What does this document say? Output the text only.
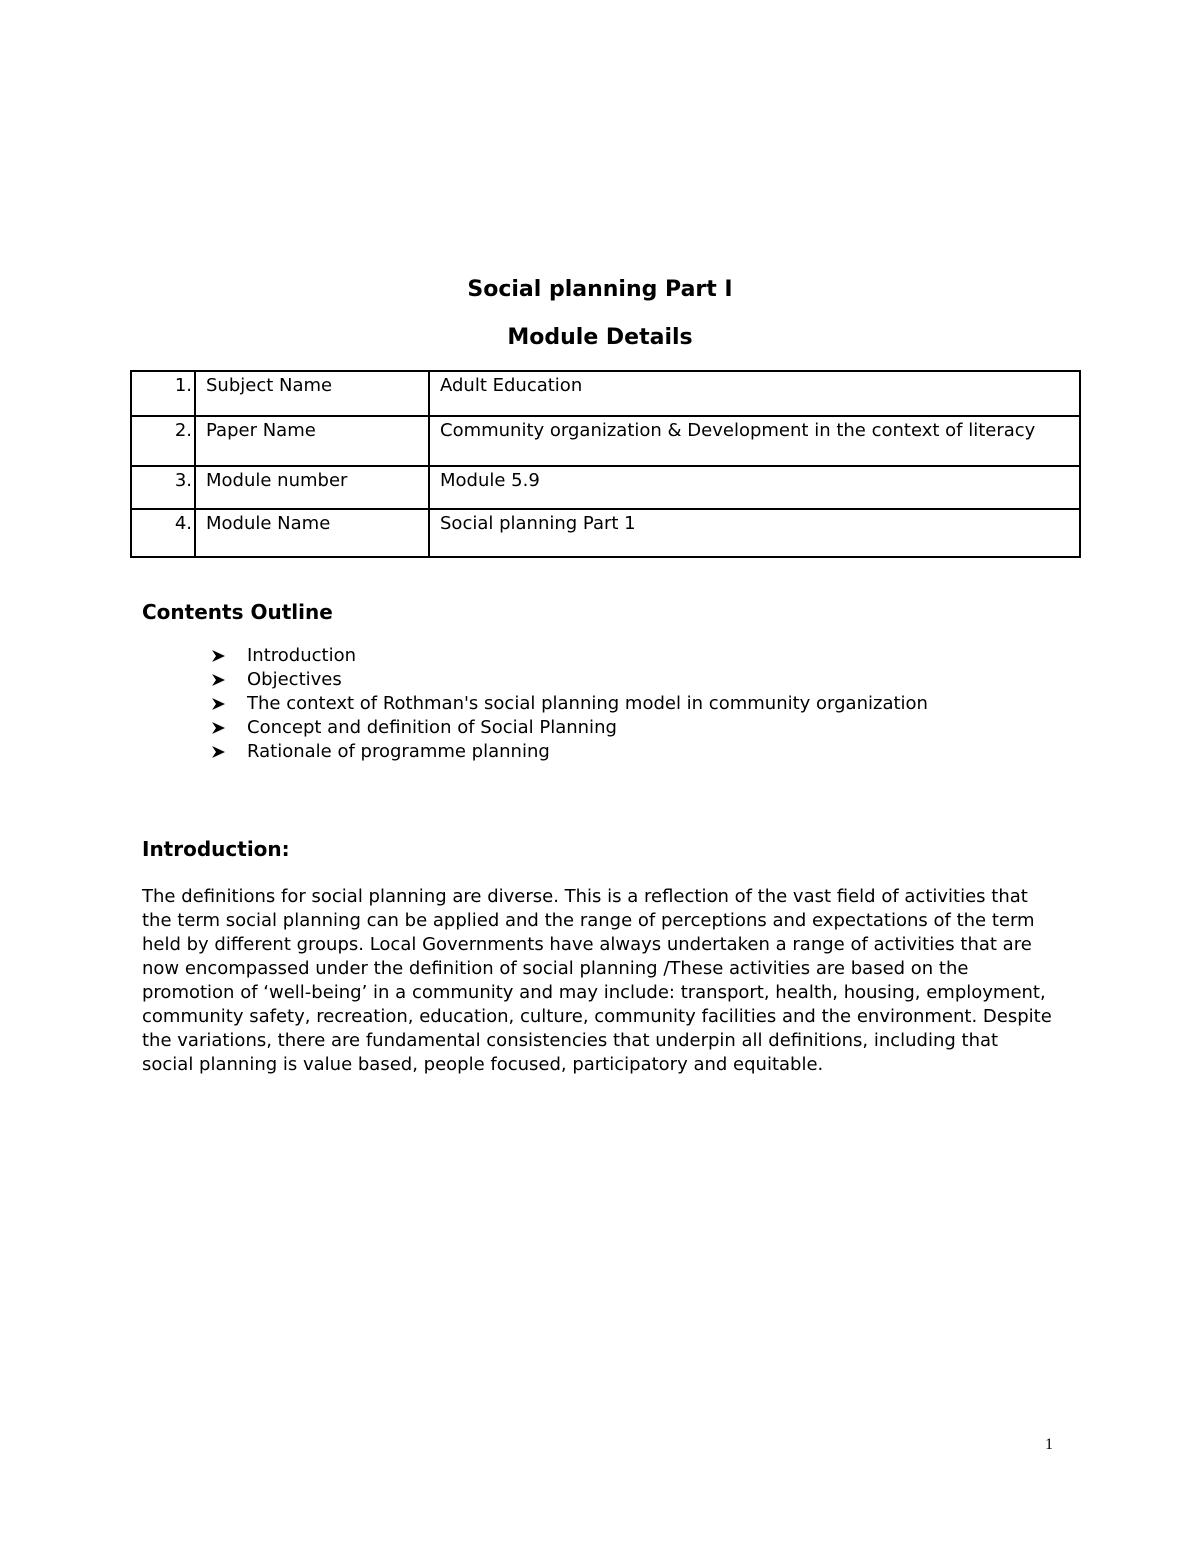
Social planning Part I
Module Details
1.	Subject Name	Adult Education
2.	Paper Name	Community organization & Development in the context of literacy
3.	Module number	Module 5.9
4.	Module Name	Social planning Part 1
Contents Outline
Introduction
Objectives
The context of Rothman's social planning model in community organization
Concept and definition of Social Planning
Rationale of programme planning
Introduction:

The definitions for social planning are diverse. This is a reflection of the vast field of activities that the term social planning can be applied and the range of perceptions and expectations of the term held by different groups. Local Governments have always undertaken a range of activities that are now encompassed under the definition of social planning /These activities are based on the promotion of ‘well-being’ in a community and may include: transport, health, housing, employment, community safety, recreation, education, culture, community facilities and the environment. Despite the variations, there are fundamental consistencies that underpin all definitions, including that social planning is value based, people focused, participatory and equitable.

1
